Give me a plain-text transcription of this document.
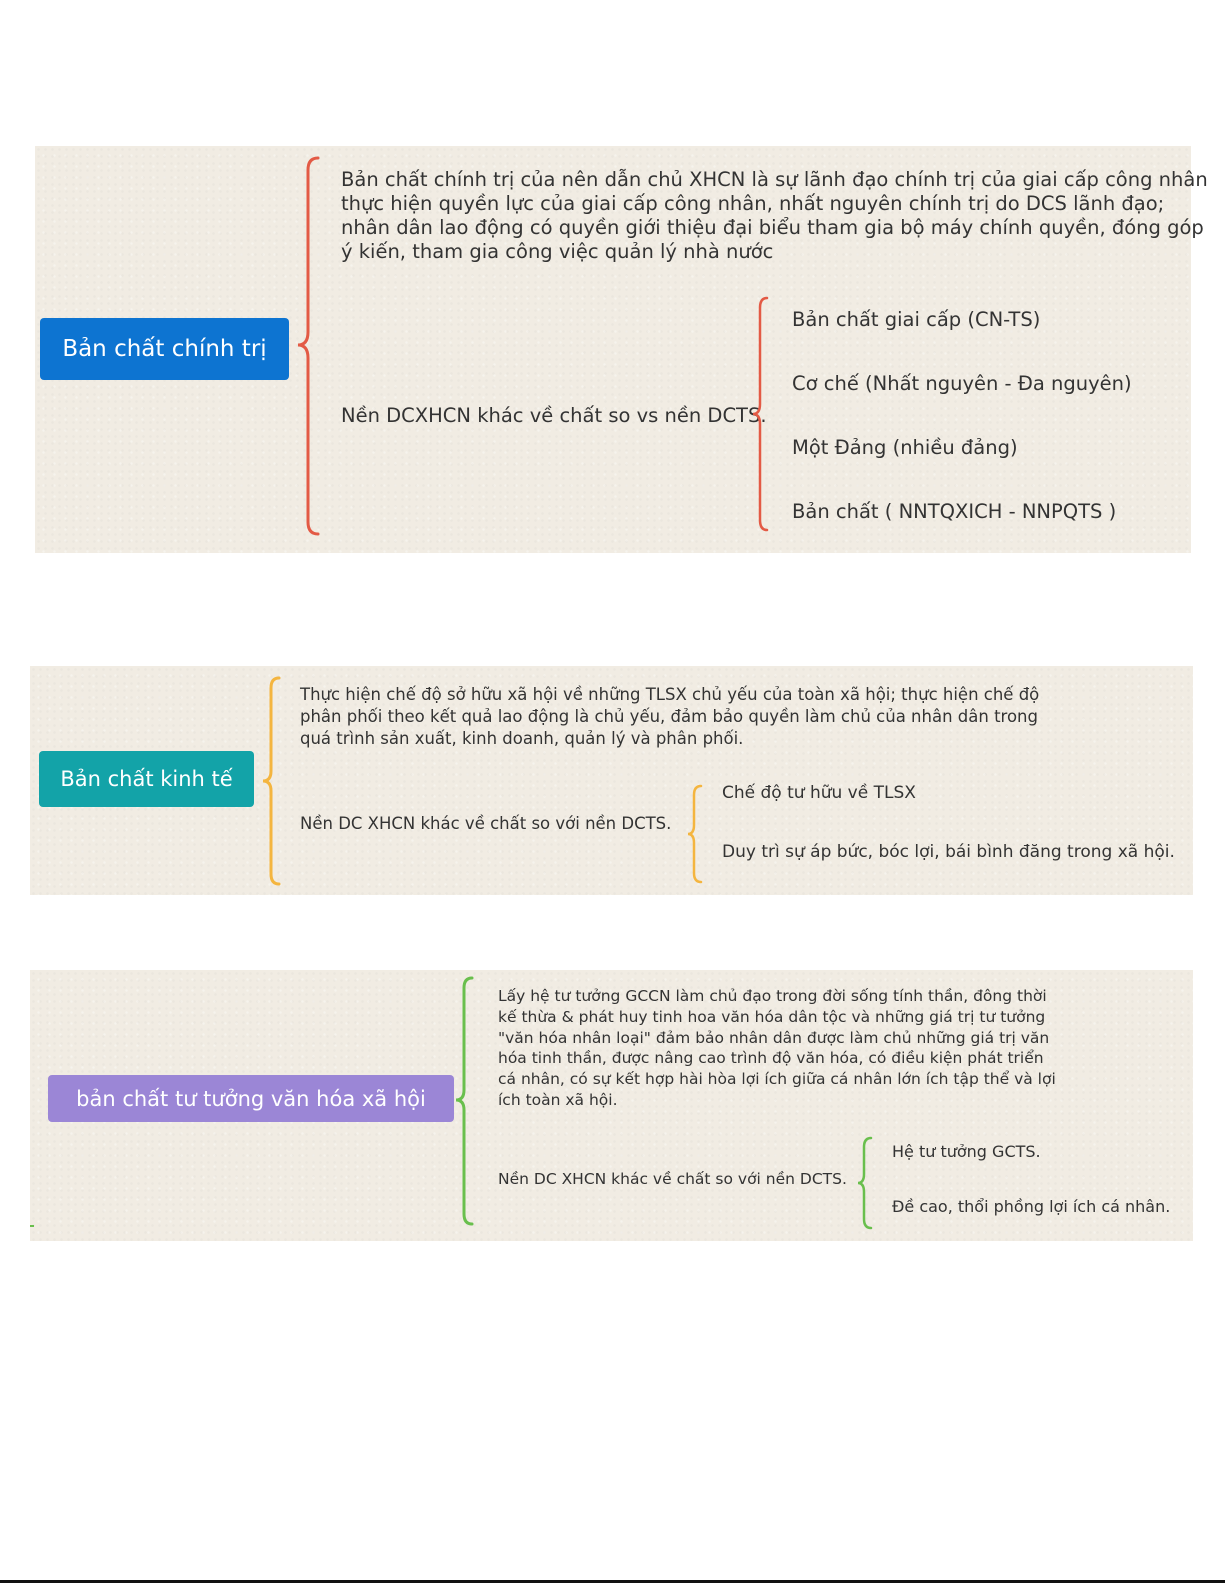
Bản chất chính trị
Bản chất chính trị của nên dẫn chủ XHCN là sự lãnh đạo chính trị của giai cấp công nhân
thực hiện quyền lực của giai cấp công nhân, nhất nguyên chính trị do DCS lãnh đạo;
nhân dân lao động có quyền giới thiệu đại biểu tham gia bộ máy chính quyền, đóng góp
ý kiến, tham gia công việc quản lý nhà nước

Nền DCXHCN khác về chất so vs nền DCTS.

Bản chất giai cấp (CN-TS)

Cơ chế (Nhất nguyên - Đa nguyên)

Một Đảng (nhiều đảng)

Bản chất ( NNTQXICH - NNPQTS )

Bản chất kinh tế
Thực hiện chế độ sở hữu xã hội về những TLSX chủ yếu của toàn xã hội; thực hiện chế độ
phân phối theo kết quả lao động là chủ yếu, đảm bảo quyền làm chủ của nhân dân trong
quá trình sản xuất, kinh doanh, quản lý và phân phối.

Nền DC XHCN khác về chất so với nền DCTS.

Chế độ tư hữu về TLSX

Duy trì sự áp bức, bóc lợi, bái bình đăng trong xã hội.

bản chất tư tưởng văn hóa xã hội
Lấy hệ tư tưởng GCCN làm chủ đạo trong đời sống tính thần, đông thời
kế thừa & phát huy tinh hoa văn hóa dân tộc và những giá trị tư tưởng
"văn hóa nhân loại" đảm bảo nhân dân được làm chủ những giá trị văn
hóa tinh thần, được nâng cao trình độ văn hóa, có điều kiện phát triển
cá nhân, có sự kết hợp hài hòa lợi ích giữa cá nhân lớn ích tập thể và lợi
ích toàn xã hội.

Nền DC XHCN khác về chất so với nền DCTS.

Hệ tư tưởng GCTS.

Đề cao, thổi phồng lợi ích cá nhân.
